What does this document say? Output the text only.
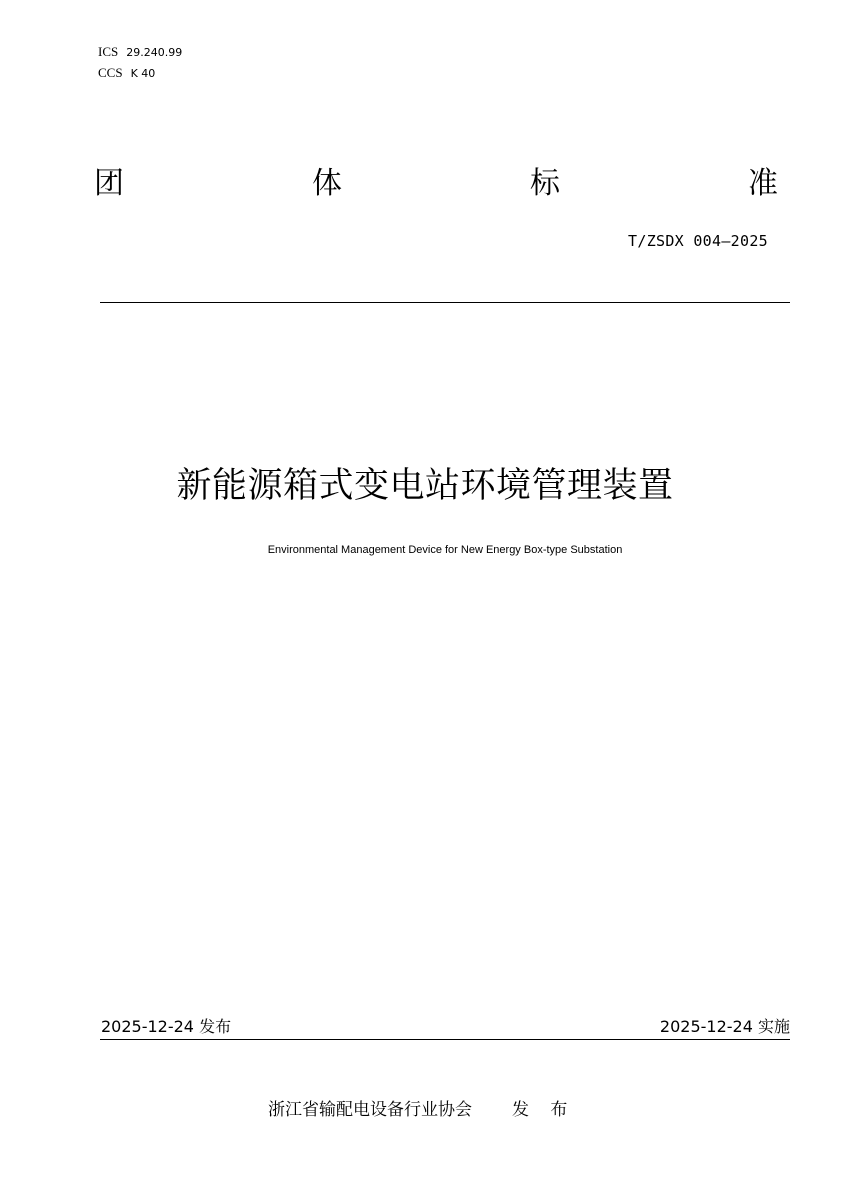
ICS 29.240.99
CCS K 40
团	体	标	准
T/ZSDX 004—2025
新能源箱式变电站环境管理装置
Environmental Management Device for New Energy Box-type Substation
2025-12-24 发布	2025-12-24 实施
浙江省输配电设备行业协会 发 布
